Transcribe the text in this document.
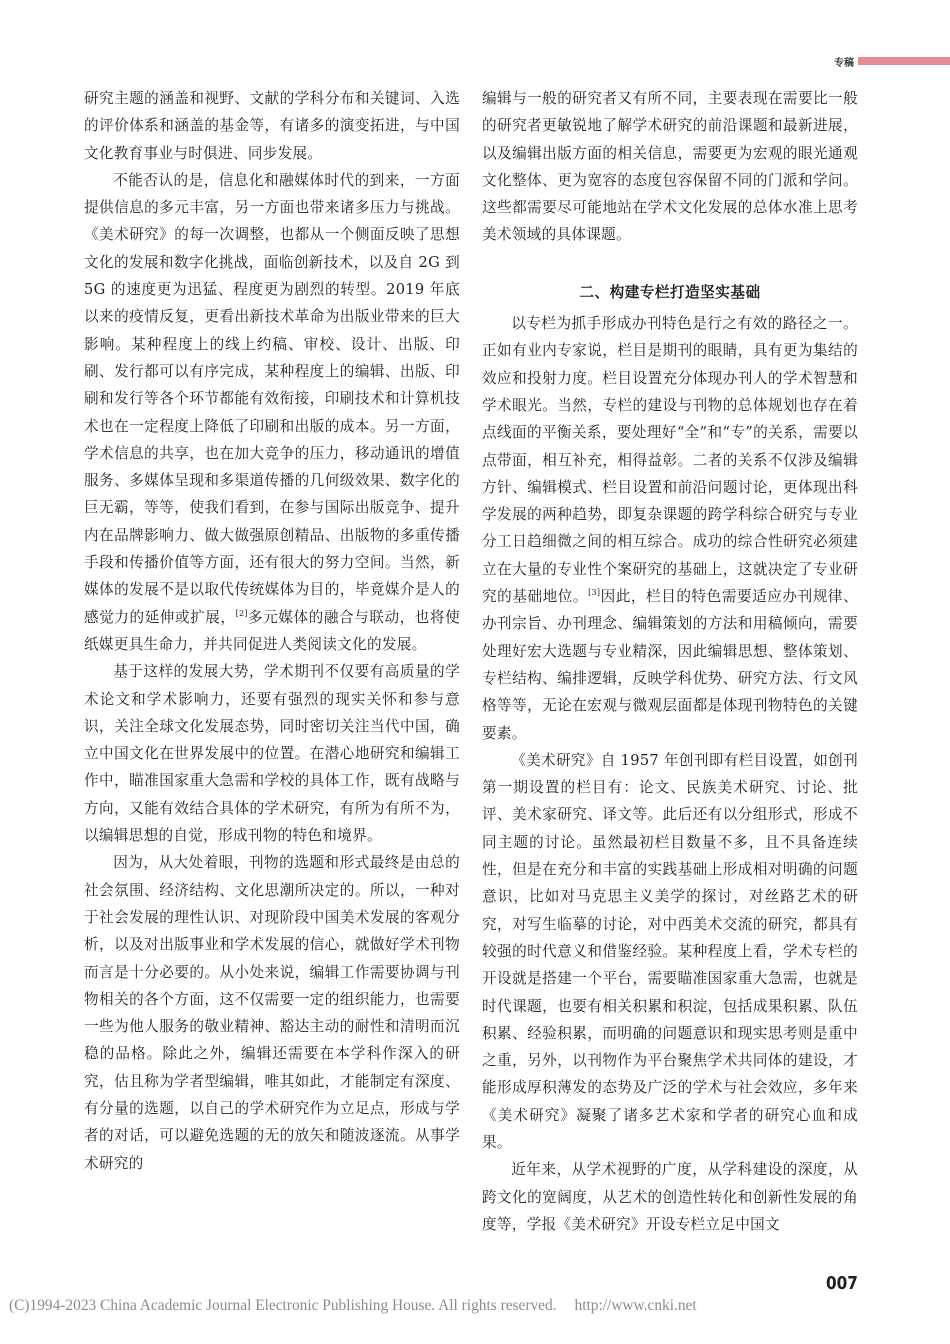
专稿

研究主题的涵盖和视野、文献的学科分布和关键词、入选的评价体系和涵盖的基金等，有诸多的演变拓进，与中国文化教育事业与时俱进、同步发展。

不能否认的是，信息化和融媒体时代的到来，一方面提供信息的多元丰富，另一方面也带来诸多压力与挑战。《美术研究》的每一次调整，也都从一个侧面反映了思想文化的发展和数字化挑战，面临创新技术，以及自 2G 到 5G 的速度更为迅猛、程度更为剧烈的转型。2019 年底以来的疫情反复，更看出新技术革命为出版业带来的巨大影响。某种程度上的线上约稿、审校、设计、出版、印刷、发行都可以有序完成，某种程度上的编辑、出版、印刷和发行等各个环节都能有效衔接，印刷技术和计算机技术也在一定程度上降低了印刷和出版的成本。另一方面，学术信息的共享，也在加大竞争的压力，移动通讯的增值服务、多媒体呈现和多渠道传播的几何级效果、数字化的巨无霸，等等，使我们看到，在参与国际出版竞争、提升内在品牌影响力、做大做强原创精品、出版物的多重传播手段和传播价值等方面，还有很大的努力空间。当然，新媒体的发展不是以取代传统媒体为目的，毕竟媒介是人的感觉力的延伸或扩展，[2]多元媒体的融合与联动，也将使纸媒更具生命力，并共同促进人类阅读文化的发展。

基于这样的发展大势，学术期刊不仅要有高质量的学术论文和学术影响力，还要有强烈的现实关怀和参与意识，关注全球文化发展态势，同时密切关注当代中国，确立中国文化在世界发展中的位置。在潜心地研究和编辑工作中，瞄准国家重大急需和学校的具体工作，既有战略与方向，又能有效结合具体的学术研究，有所为有所不为，以编辑思想的自觉，形成刊物的特色和境界。

因为，从大处着眼，刊物的选题和形式最终是由总的社会氛围、经济结构、文化思潮所决定的。所以，一种对于社会发展的理性认识、对现阶段中国美术发展的客观分析，以及对出版事业和学术发展的信心，就做好学术刊物而言是十分必要的。从小处来说，编辑工作需要协调与刊物相关的各个方面，这不仅需要一定的组织能力，也需要一些为他人服务的敬业精神、豁达主动的耐性和清明而沉稳的品格。除此之外，编辑还需要在本学科作深入的研究，估且称为学者型编辑，唯其如此，才能制定有深度、有分量的选题，以自己的学术研究作为立足点，形成与学者的对话，可以避免选题的无的放矢和随波逐流。从事学术研究的

编辑与一般的研究者又有所不同，主要表现在需要比一般的研究者更敏锐地了解学术研究的前沿课题和最新进展，以及编辑出版方面的相关信息，需要更为宏观的眼光通观文化整体、更为宽容的态度包容保留不同的门派和学问。这些都需要尽可能地站在学术文化发展的总体水准上思考美术领域的具体课题。

二、构建专栏打造坚实基础

以专栏为抓手形成办刊特色是行之有效的路径之一。正如有业内专家说，栏目是期刊的眼睛，具有更为集结的效应和投射力度。栏目设置充分体现办刊人的学术智慧和学术眼光。当然，专栏的建设与刊物的总体规划也存在着点线面的平衡关系，要处理好“全”和“专”的关系，需要以点带面，相互补充，相得益彰。二者的关系不仅涉及编辑方针、编辑模式、栏目设置和前沿问题讨论，更体现出科学发展的两种趋势，即复杂课题的跨学科综合研究与专业分工日趋细微之间的相互综合。成功的综合性研究必须建立在大量的专业性个案研究的基础上，这就决定了专业研究的基础地位。[3]因此，栏目的特色需要适应办刊规律、办刊宗旨、办刊理念、编辑策划的方法和用稿倾向，需要处理好宏大选题与专业精深，因此编辑思想、整体策划、专栏结构、编排逻辑，反映学科优势、研究方法、行文风格等等，无论在宏观与微观层面都是体现刊物特色的关键要素。

《美术研究》自 1957 年创刊即有栏目设置，如创刊第一期设置的栏目有：论文、民族美术研究、讨论、批评、美术家研究、译文等。此后还有以分组形式，形成不同主题的讨论。虽然最初栏目数量不多，且不具备连续性，但是在充分和丰富的实践基础上形成相对明确的问题意识，比如对马克思主义美学的探讨，对丝路艺术的研究，对写生临摹的讨论，对中西美术交流的研究，都具有较强的时代意义和借鉴经验。某种程度上看，学术专栏的开设就是搭建一个平台，需要瞄准国家重大急需，也就是时代课题，也要有相关积累和积淀，包括成果积累、队伍积累、经验积累，而明确的问题意识和现实思考则是重中之重，另外，以刊物作为平台聚焦学术共同体的建设，才能形成厚积薄发的态势及广泛的学术与社会效应，多年来《美术研究》凝聚了诸多艺术家和学者的研究心血和成果。

近年来，从学术视野的广度，从学科建设的深度，从跨文化的宽阔度，从艺术的创造性转化和创新性发展的角度等，学报《美术研究》开设专栏立足中国文

007
(C)1994-2023 China Academic Journal Electronic Publishing House. All rights reserved. http://www.cnki.net
